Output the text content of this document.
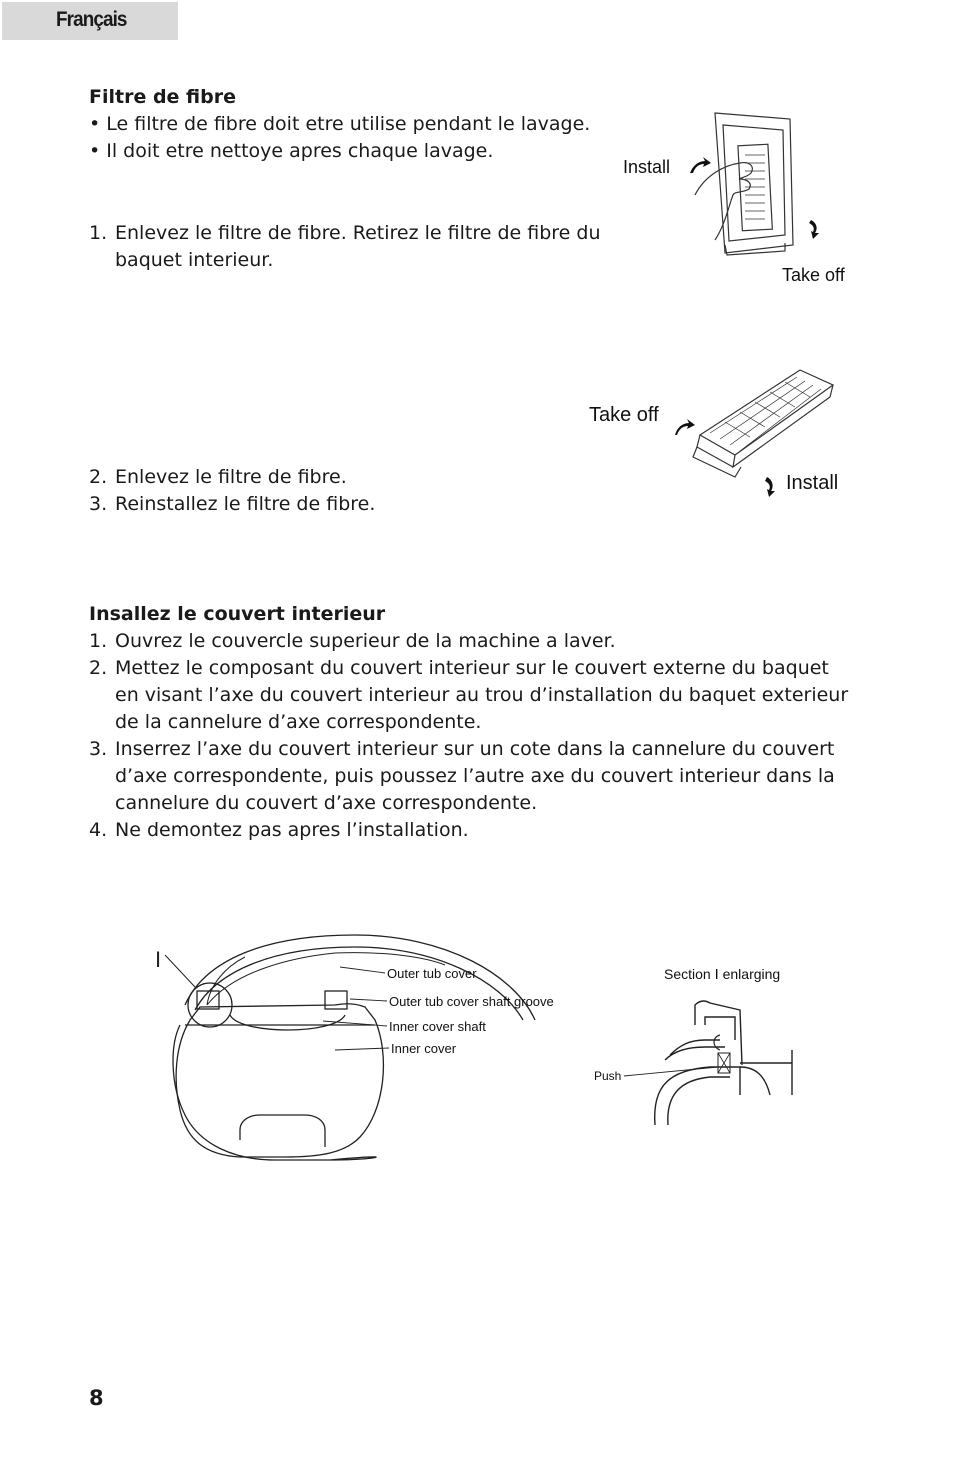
Français
Filtre de fibre
• Le filtre de fibre doit etre utilise pendant le lavage.
• Il doit etre nettoye apres chaque lavage.
1. Enlevez le filtre de fibre. Retirez le filtre de fibre du
baquet interieur.
2. Enlevez le filtre de fibre.
3. Reinstallez le filtre de fibre.
Install
Take off
Take off
Install
Insallez le couvert interieur
1. Ouvrez le couvercle superieur de la machine a laver.
2. Mettez le composant du couvert interieur sur le couvert externe du baquet
en visant l’axe du couvert interieur au trou d’installation du baquet exterieur
de la cannelure d’axe correspondente.
3. Inserrez l’axe du couvert interieur sur un cote dans la cannelure du couvert
d’axe correspondente, puis poussez l’autre axe du couvert interieur dans la
cannelure du couvert d’axe correspondente.
4. Ne demontez pas apres l’installation.
I
Outer tub cover
Outer tub cover shaft groove
Inner cover shaft
Inner cover
Section Ⅰ enlarging
Push
8
